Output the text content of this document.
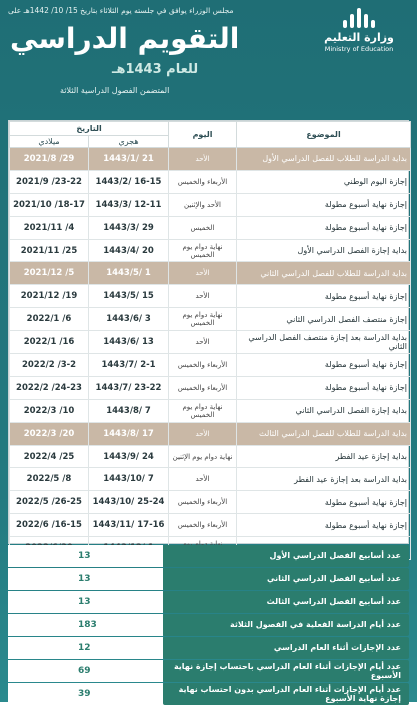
وزارة التعليم
Ministry of Education
مجلس الوزراء يوافق في جلسته يوم الثلاثاء بتاريخ 15/ 10/ 1442هـ على
التقويم الدراسي
للعام 1443هـ
المتضمن الفصول الدراسية الثلاثة
الموضوع	اليوم	التاريخ	
		هجري	ميلادي
بداية الدراسة للطلاب للفصل الدراسي الأول	الأحد	1443/1/ 21	2021/8 /29
إجازة اليوم الوطني	الأربعاء والخميس	1443/2/ 16-15	2021/9 /23-22
إجازة نهاية أسبوع مطولة	الأحد والإثنين	1443/3/ 12-11	2021/10 /18-17
إجازة نهاية أسبوع مطولة	الخميس	1443/3/ 29	2021/11 /4
بداية إجازة الفصل الدراسي الأول	نهاية دوام يوم الخميس	1443/4/ 20	2021/11 /25
بداية الدراسة للطلاب للفصل الدراسي الثاني	الأحد	1443/5/ 1	2021/12 /5
إجازة نهاية أسبوع مطولة	الأحد	1443/5/ 15	2021/12 /19
إجازة منتصف الفصل الدراسي الثاني	نهاية دوام يوم الخميس	1443/6/ 3	2022/1 /6
بداية الدراسة بعد إجازة منتصف الفصل الدراسي الثاني	الأحد	1443/6/ 13	2022/1 /16
إجازة نهاية أسبوع مطولة	الأربعاء والخميس	1443/7/ 2-1	2022/2 /3-2
إجازة نهاية أسبوع مطولة	الأربعاء والخميس	1443/7/ 23-22	2022/2 /24-23
بداية إجازة الفصل الدراسي الثاني	نهاية دوام يوم الخميس	1443/8/ 7	2022/3 /10
بداية الدراسة للطلاب للفصل الدراسي الثالث	الأحد	1443/8/ 17	2022/3 /20
بداية إجازة عيد الفطر	نهاية دوام يوم الإثنين	1443/9/ 24	2022/4 /25
بداية الدراسة بعد إجازة عيد الفطر	الأحد	1443/10/ 7	2022/5 /8
إجازة نهاية أسبوع مطولة	الأربعاء والخميس	1443/10/ 25-24	2022/5 /26-25
إجازة نهاية أسبوع مطولة	الأربعاء والخميس	1443/11/ 17-16	2022/6 /16-15

عدد أسابيع الفصل الدراسي الأول
13
عدد أسابيع الفصل الدراسي الثاني
13
عدد أسابيع الفصل الدراسي الثالث
13
عدد أيام الدراسة الفعلية في الفصول الثلاثة
183
عدد الإجازات أثناء العام الدراسي
12
عدد أيام الإجازات أثناء العام الدراسي باحتساب إجازة نهاية الأسبوع
69
عدد أيام الإجازات أثناء العام الدراسي بدون احتساب نهاية إجازة نهاية الأسبوع
39
